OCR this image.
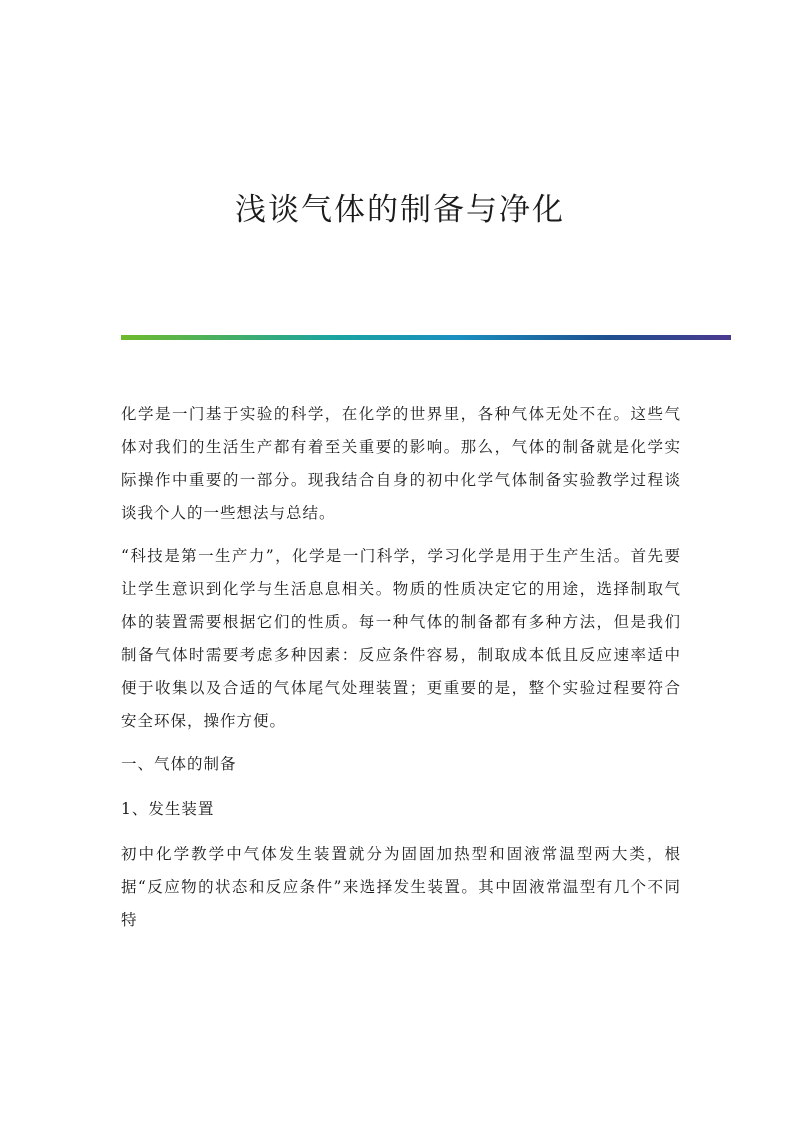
浅谈气体的制备与净化

化学是一门基于实验的科学，在化学的世界里，各种气体无处不在。这些气体对我们的生活生产都有着至关重要的影响。那么，气体的制备就是化学实际操作中重要的一部分。现我结合自身的初中化学气体制备实验教学过程谈谈我个人的一些想法与总结。

“科技是第一生产力”，化学是一门科学，学习化学是用于生产生活。首先要让学生意识到化学与生活息息相关。物质的性质决定它的用途，选择制取气体的装置需要根据它们的性质。每一种气体的制备都有多种方法，但是我们制备气体时需要考虑多种因素：反应条件容易，制取成本低且反应速率适中便于收集以及合适的气体尾气处理装置；更重要的是，整个实验过程要符合安全环保，操作方便。

一、气体的制备

1、发生装置

初中化学教学中气体发生装置就分为固固加热型和固液常温型两大类，根据“反应物的状态和反应条件”来选择发生装置。其中固液常温型有几个不同特
